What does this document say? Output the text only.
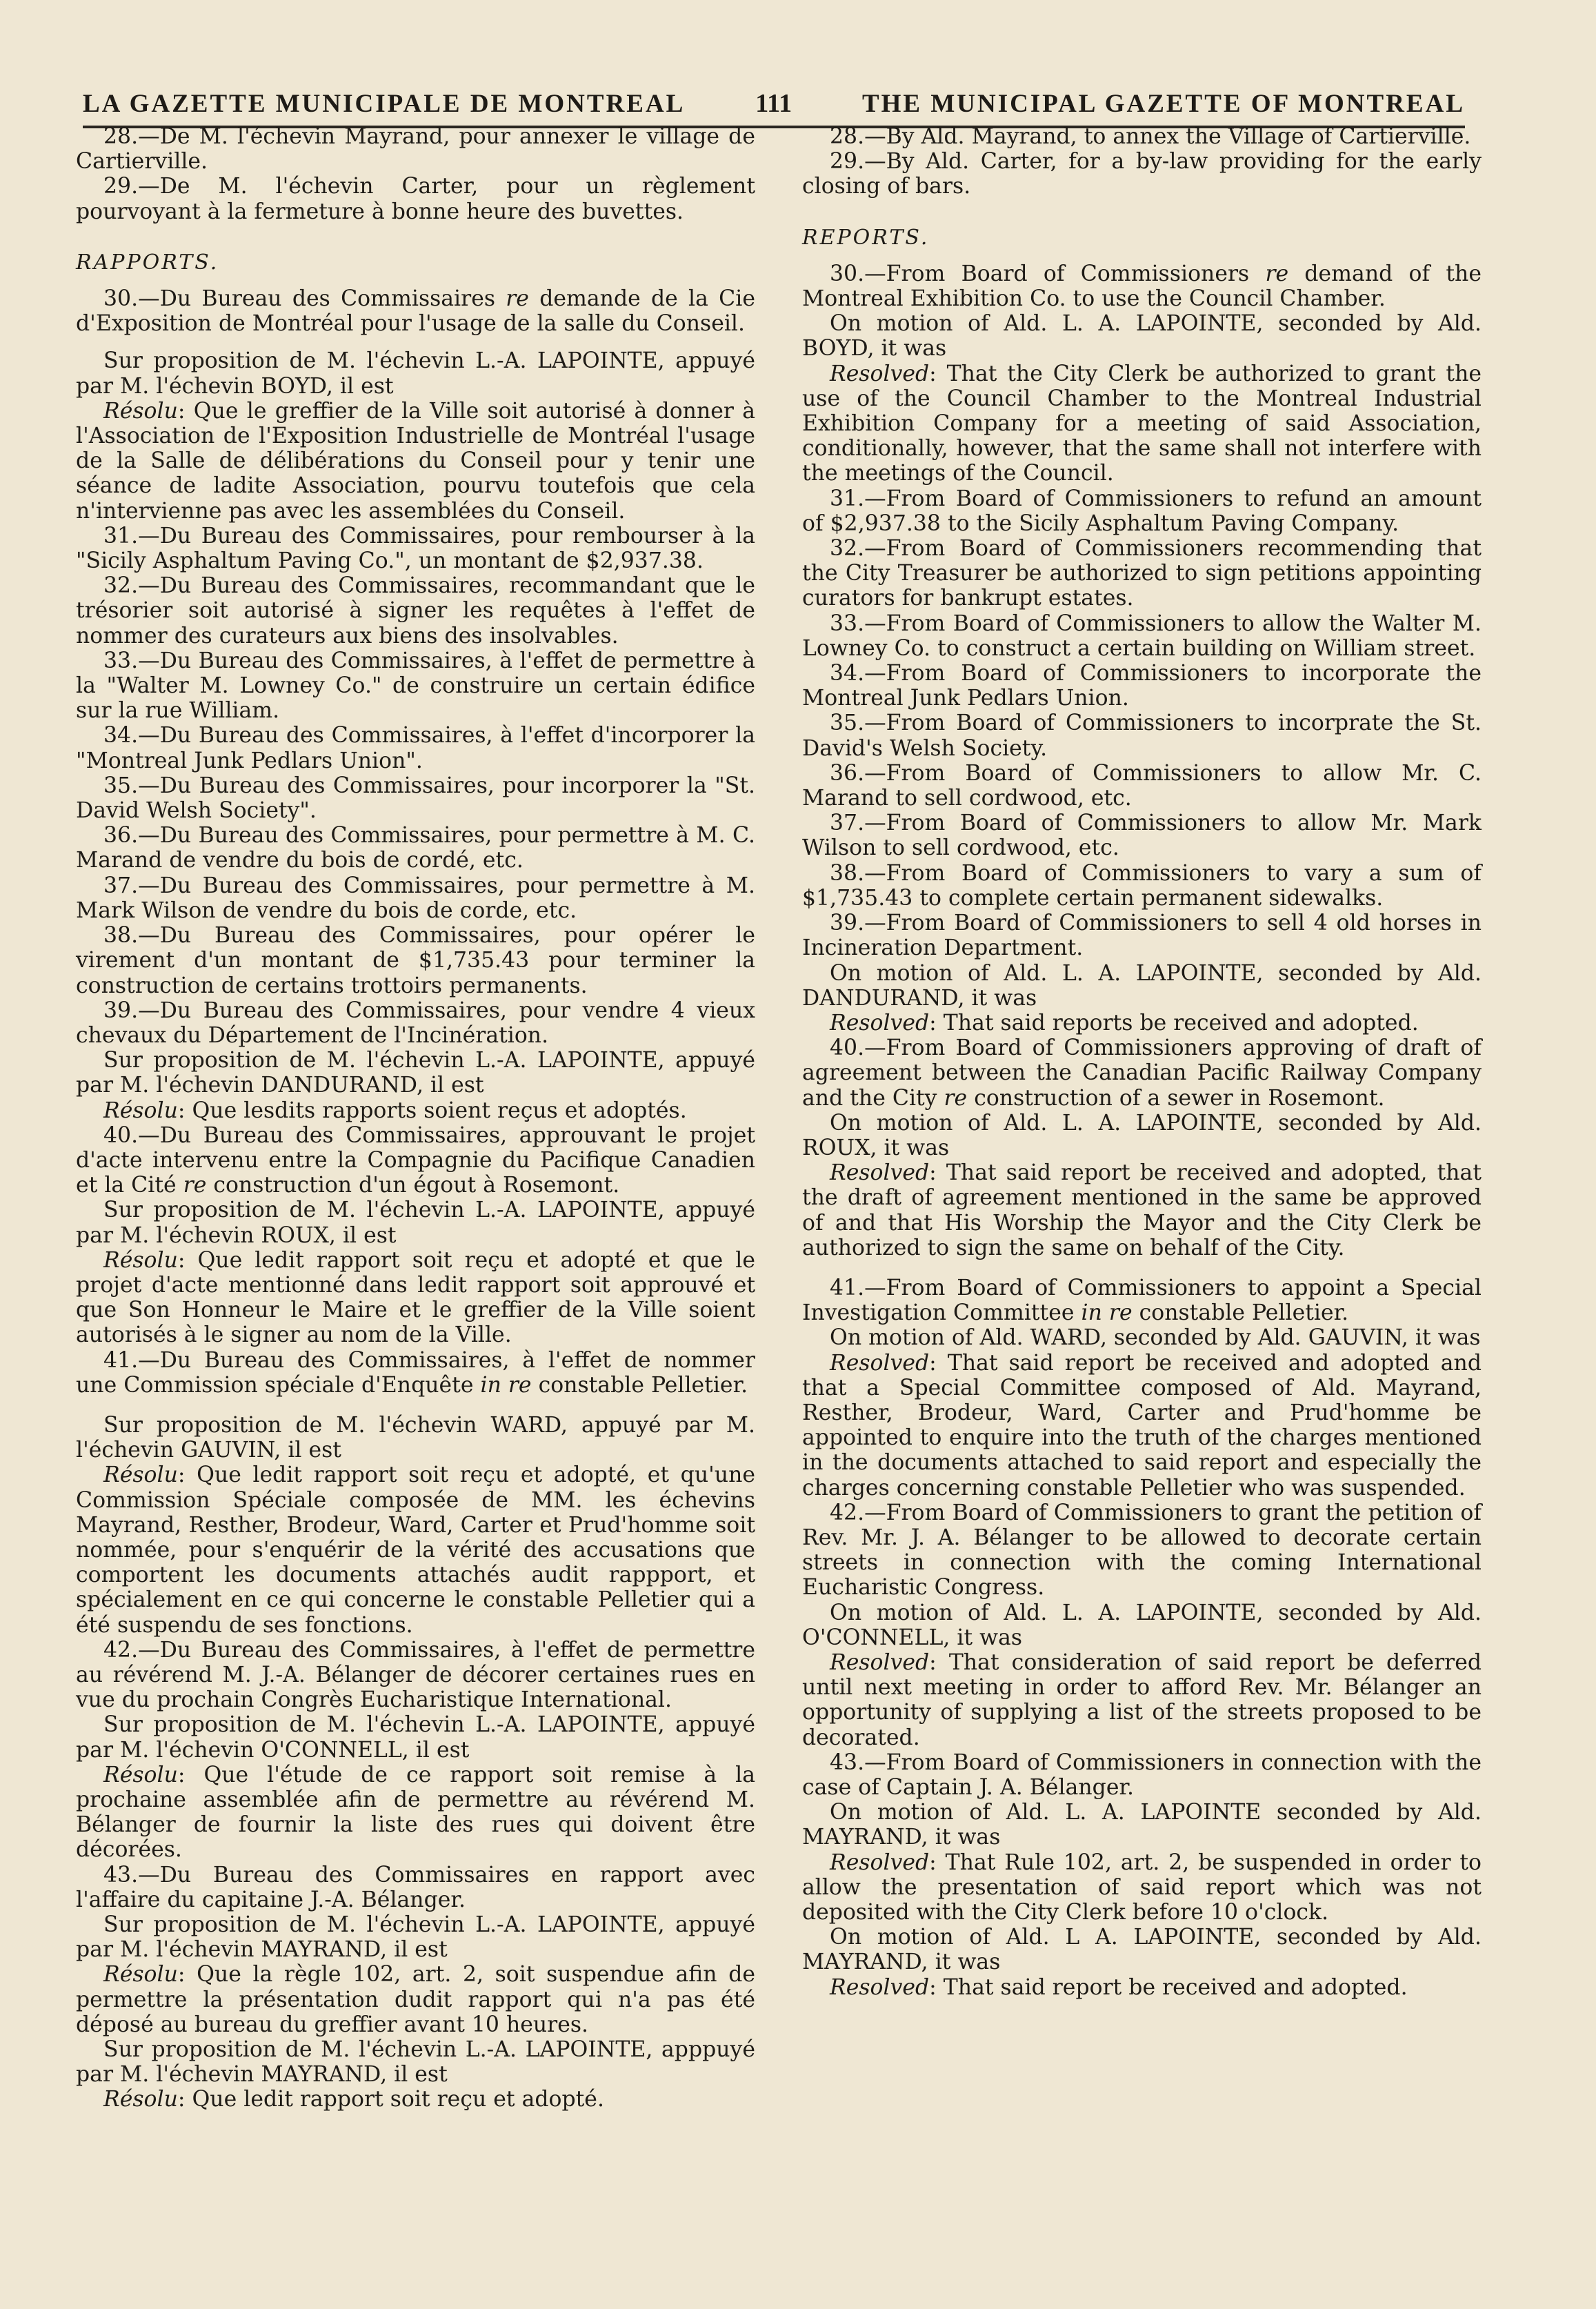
LA GAZETTE MUNICIPALE DE MONTREAL	111	THE MUNICIPAL GAZETTE OF MONTREAL

28.—De M. l'échevin Mayrand, pour annexer le village de Cartierville.

29.—De M. l'échevin Carter, pour un règlement pourvoyant à la fermeture à bonne heure des buvettes.

RAPPORTS.

30.—Du Bureau des Commissaires re demande de la Cie d'Exposition de Montréal pour l'usage de la salle du Conseil.

Sur proposition de M. l'échevin L.-A. LAPOINTE, appuyé par M. l'échevin BOYD, il est

Résolu: Que le greffier de la Ville soit autorisé à donner à l'Association de l'Exposition Industrielle de Montréal l'usage de la Salle de délibérations du Conseil pour y tenir une séance de ladite Association, pourvu toutefois que cela n'intervienne pas avec les assemblées du Conseil.

31.—Du Bureau des Commissaires, pour rembourser à la "Sicily Asphaltum Paving Co.", un montant de $2,937.38.

32.—Du Bureau des Commissaires, recommandant que le trésorier soit autorisé à signer les requêtes à l'effet de nommer des curateurs aux biens des insolvables.

33.—Du Bureau des Commissaires, à l'effet de permettre à la "Walter M. Lowney Co." de construire un certain édifice sur la rue William.

34.—Du Bureau des Commissaires, à l'effet d'incorporer la "Montreal Junk Pedlars Union".

35.—Du Bureau des Commissaires, pour incorporer la "St. David Welsh Society".

36.—Du Bureau des Commissaires, pour permettre à M. C. Marand de vendre du bois de cordé, etc.

37.—Du Bureau des Commissaires, pour permettre à M. Mark Wilson de vendre du bois de corde, etc.

38.—Du Bureau des Commissaires, pour opérer le virement d'un montant de $1,735.43 pour terminer la construction de certains trottoirs permanents.

39.—Du Bureau des Commissaires, pour vendre 4 vieux chevaux du Département de l'Incinération.

Sur proposition de M. l'échevin L.-A. LAPOINTE, appuyé par M. l'échevin DANDURAND, il est

Résolu: Que lesdits rapports soient reçus et adoptés.

40.—Du Bureau des Commissaires, approuvant le projet d'acte intervenu entre la Compagnie du Pacifique Canadien et la Cité re construction d'un égout à Rosemont.

Sur proposition de M. l'échevin L.-A. LAPOINTE, appuyé par M. l'échevin ROUX, il est

Résolu: Que ledit rapport soit reçu et adopté et que le projet d'acte mentionné dans ledit rapport soit approuvé et que Son Honneur le Maire et le greffier de la Ville soient autorisés à le signer au nom de la Ville.

41.—Du Bureau des Commissaires, à l'effet de nommer une Commission spéciale d'Enquête in re constable Pelletier.

Sur proposition de M. l'échevin WARD, appuyé par M. l'échevin GAUVIN, il est

Résolu: Que ledit rapport soit reçu et adopté, et qu'une Commission Spéciale composée de MM. les échevins Mayrand, Resther, Brodeur, Ward, Carter et Prud'homme soit nommée, pour s'enquérir de la vérité des accusations que comportent les documents attachés audit rappport, et spécialement en ce qui concerne le constable Pelletier qui a été suspendu de ses fonctions.

42.—Du Bureau des Commissaires, à l'effet de permettre au révérend M. J.-A. Bélanger de décorer certaines rues en vue du prochain Congrès Eucharistique International.

Sur proposition de M. l'échevin L.-A. LAPOINTE, appuyé par M. l'échevin O'CONNELL, il est

Résolu: Que l'étude de ce rapport soit remise à la prochaine assemblée afin de permettre au révérend M. Bélanger de fournir la liste des rues qui doivent être décorées.

43.—Du Bureau des Commissaires en rapport avec l'affaire du capitaine J.-A. Bélanger.

Sur proposition de M. l'échevin L.-A. LAPOINTE, appuyé par M. l'échevin MAYRAND, il est

Résolu: Que la règle 102, art. 2, soit suspendue afin de permettre la présentation dudit rapport qui n'a pas été déposé au bureau du greffier avant 10 heures.

Sur proposition de M. l'échevin L.-A. LAPOINTE, apppuyé par M. l'échevin MAYRAND, il est

Résolu: Que ledit rapport soit reçu et adopté.

28.—By Ald. Mayrand, to annex the Village of Cartierville.

29.—By Ald. Carter, for a by-law providing for the early closing of bars.

REPORTS.

30.—From Board of Commissioners re demand of the Montreal Exhibition Co. to use the Council Chamber.

On motion of Ald. L. A. LAPOINTE, seconded by Ald. BOYD, it was

Resolved: That the City Clerk be authorized to grant the use of the Council Chamber to the Montreal Industrial Exhibition Company for a meeting of said Association, conditionally, however, that the same shall not interfere with the meetings of the Council.

31.—From Board of Commissioners to refund an amount of $2,937.38 to the Sicily Asphaltum Paving Company.

32.—From Board of Commissioners recommending that the City Treasurer be authorized to sign petitions appointing curators for bankrupt estates.

33.—From Board of Commissioners to allow the Walter M. Lowney Co. to construct a certain building on William street.

34.—From Board of Commissioners to incorporate the Montreal Junk Pedlars Union.

35.—From Board of Commissioners to incorprate the St. David's Welsh Society.

36.—From Board of Commissioners to allow Mr. C. Marand to sell cordwood, etc.

37.—From Board of Commissioners to allow Mr. Mark Wilson to sell cordwood, etc.

38.—From Board of Commissioners to vary a sum of $1,735.43 to complete certain permanent sidewalks.

39.—From Board of Commissioners to sell 4 old horses in Incineration Department.

On motion of Ald. L. A. LAPOINTE, seconded by Ald. DANDURAND, it was

Resolved: That said reports be received and adopted.

40.—From Board of Commissioners approving of draft of agreement between the Canadian Pacific Railway Company and the City re construction of a sewer in Rosemont.

On motion of Ald. L. A. LAPOINTE, seconded by Ald. ROUX, it was

Resolved: That said report be received and adopted, that the draft of agreement mentioned in the same be approved of and that His Worship the Mayor and the City Clerk be authorized to sign the same on behalf of the City.

41.—From Board of Commissioners to appoint a Special Investigation Committee in re constable Pelletier.

On motion of Ald. WARD, seconded by Ald. GAUVIN, it was

Resolved: That said report be received and adopted and that a Special Committee composed of Ald. Mayrand, Resther, Brodeur, Ward, Carter and Prud'homme be appointed to enquire into the truth of the charges mentioned in the documents attached to said report and especially the charges concerning constable Pelletier who was suspended.

42.—From Board of Commissioners to grant the petition of Rev. Mr. J. A. Bélanger to be allowed to decorate certain streets in connection with the coming International Eucharistic Congress.

On motion of Ald. L. A. LAPOINTE, seconded by Ald. O'CONNELL, it was

Resolved: That consideration of said report be deferred until next meeting in order to afford Rev. Mr. Bélanger an opportunity of supplying a list of the streets proposed to be decorated.

43.—From Board of Commissioners in connection with the case of Captain J. A. Bélanger.

On motion of Ald. L. A. LAPOINTE seconded by Ald. MAYRAND, it was

Resolved: That Rule 102, art. 2, be suspended in order to allow the presentation of said report which was not deposited with the City Clerk before 10 o'clock.

On motion of Ald. L A. LAPOINTE, seconded by Ald. MAYRAND, it was

Resolved: That said report be received and adopted.
